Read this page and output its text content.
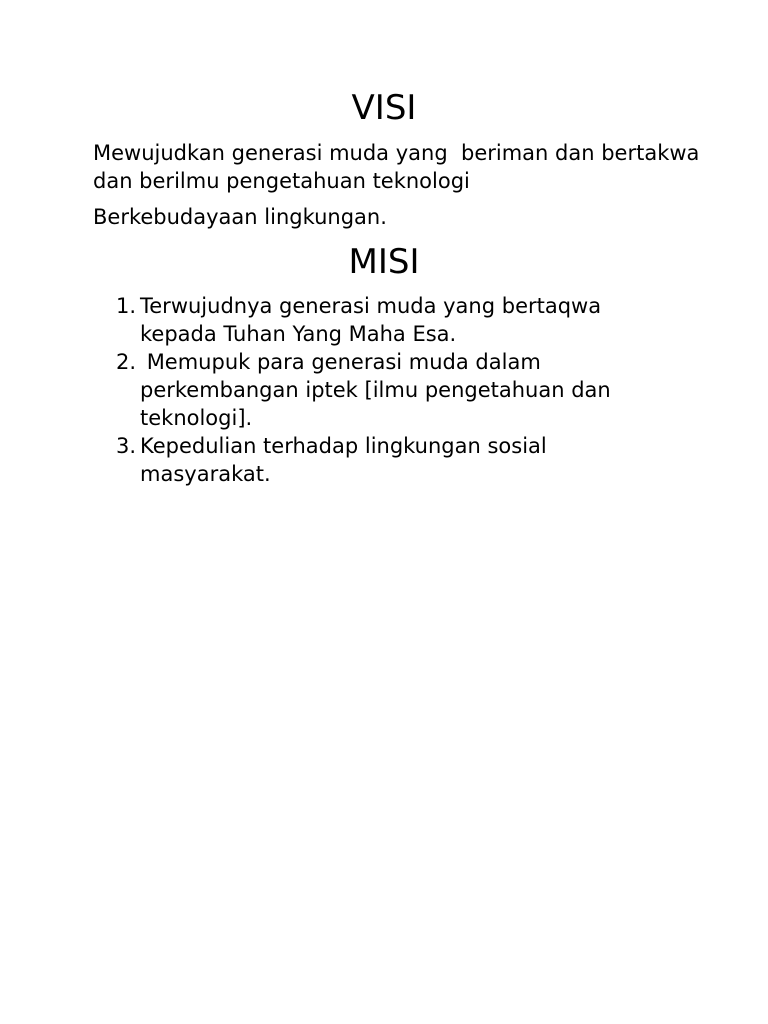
VISI

Mewujudkan generasi muda yang  beriman dan bertakwa dan berilmu pengetahuan teknologi

Berkebudayaan lingkungan.

MISI
1. Terwujudnya generasi muda yang bertaqwa kepada Tuhan Yang Maha Esa.
2. Memupuk para generasi muda dalam perkembangan iptek [ilmu pengetahuan dan teknologi].
3. Kepedulian terhadap lingkungan sosial masyarakat.
